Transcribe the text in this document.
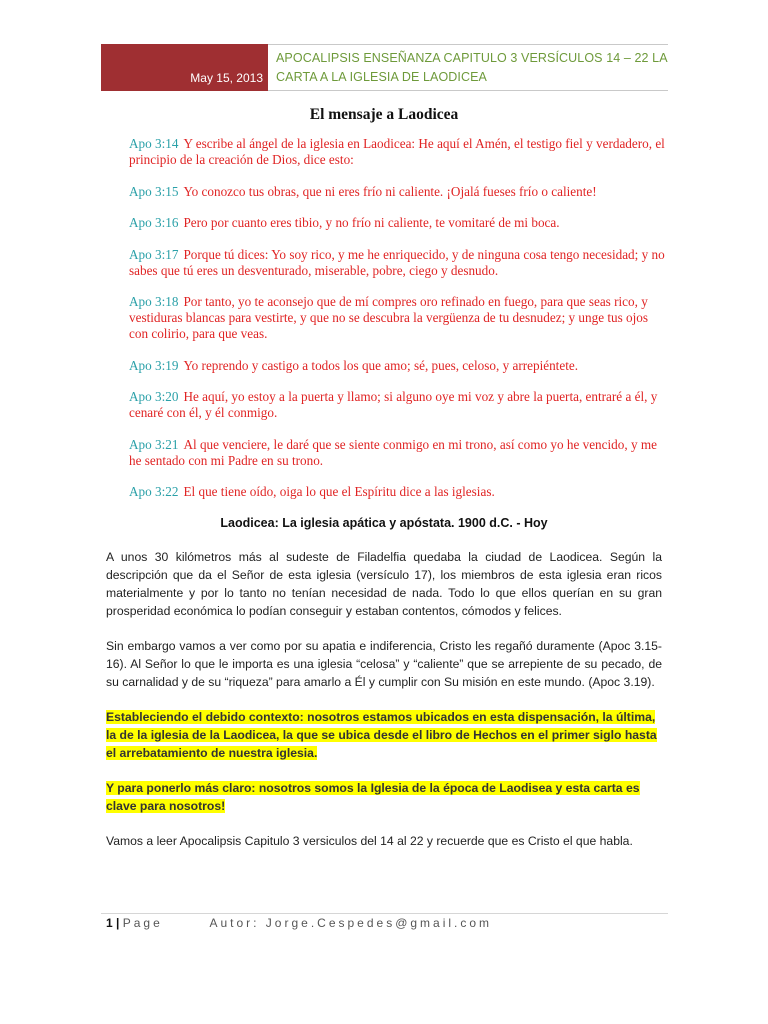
May 15, 2013
APOCALIPSIS ENSEÑANZA CAPITULO 3 VERSÍCULOS 14 – 22 LA
CARTA A LA IGLESIA DE LAODICEA
El mensaje a Laodicea

Apo 3:14 Y escribe al ángel de la iglesia en Laodicea: He aquí el Amén, el testigo fiel y verdadero, el principio de la creación de Dios, dice esto:

Apo 3:15 Yo conozco tus obras, que ni eres frío ni caliente. ¡Ojalá fueses frío o caliente!

Apo 3:16 Pero por cuanto eres tibio, y no frío ni caliente, te vomitaré de mi boca.

Apo 3:17 Porque tú dices: Yo soy rico, y me he enriquecido, y de ninguna cosa tengo necesidad; y no sabes que tú eres un desventurado, miserable, pobre, ciego y desnudo.

Apo 3:18 Por tanto, yo te aconsejo que de mí compres oro refinado en fuego, para que seas rico, y vestiduras blancas para vestirte, y que no se descubra la vergüenza de tu desnudez; y unge tus ojos con colirio, para que veas.

Apo 3:19 Yo reprendo y castigo a todos los que amo; sé, pues, celoso, y arrepiéntete.

Apo 3:20 He aquí, yo estoy a la puerta y llamo; si alguno oye mi voz y abre la puerta, entraré a él, y cenaré con él, y él conmigo.

Apo 3:21 Al que venciere, le daré que se siente conmigo en mi trono, así como yo he vencido, y me he sentado con mi Padre en su trono.

Apo 3:22 El que tiene oído, oiga lo que el Espíritu dice a las iglesias.

Laodicea: La iglesia apática y apóstata. 1900 d.C. - Hoy

A unos 30 kilómetros más al sudeste de Filadelfia quedaba la ciudad de Laodicea. Según la descripción que da el Señor de esta iglesia (versículo 17), los miembros de esta iglesia eran ricos materialmente y por lo tanto no tenían necesidad de nada. Todo lo que ellos querían en su gran prosperidad económica lo podían conseguir y estaban contentos, cómodos y felices.

Sin embargo vamos a ver como por su apatia e indiferencia, Cristo les regañó duramente (Apoc 3.15-16). Al Señor lo que le importa es una iglesia “celosa” y “caliente” que se arrepiente de su pecado, de su carnalidad y de su “riqueza” para amarlo a Él y cumplir con Su misión en este mundo. (Apoc 3.19).

Estableciendo el debido contexto: nosotros estamos ubicados en esta dispensación, la última, la de la iglesia de la Laodicea, la que se ubica desde el libro de Hechos en el primer siglo hasta el arrebatamiento de nuestra iglesia.

Y para ponerlo más claro: nosotros somos la Iglesia de la época de Laodisea y esta carta es clave para nosotros!

Vamos a leer Apocalipsis Capitulo 3 versiculos del 14 al 22 y recuerde que es Cristo el que habla.

1 | Page	Autor: Jorge.Cespedes@gmail.com
